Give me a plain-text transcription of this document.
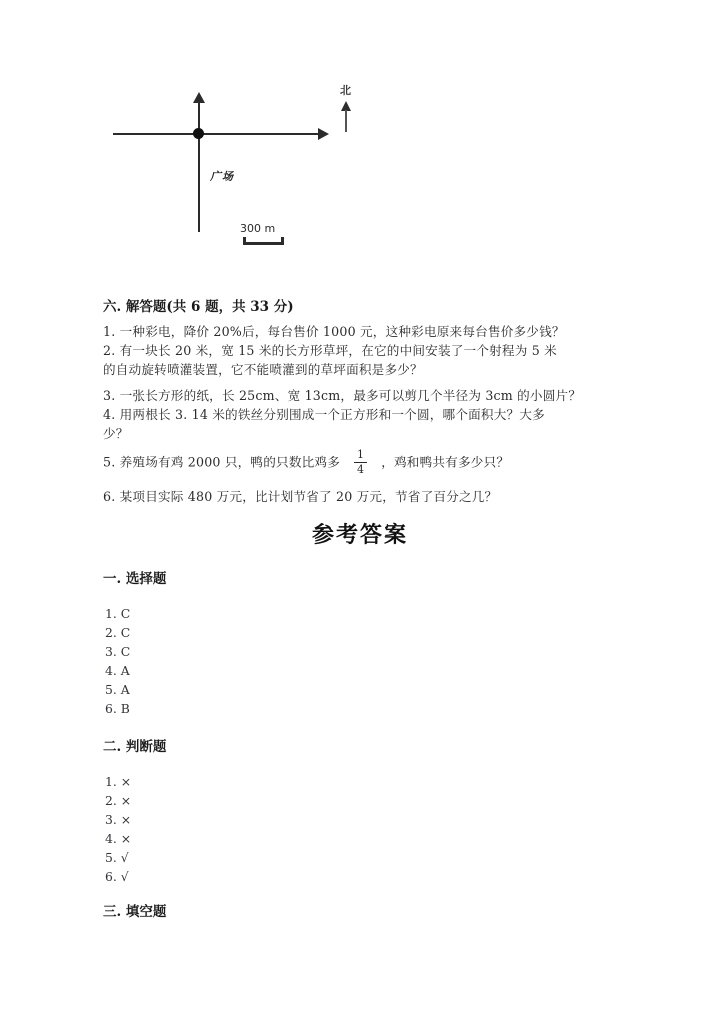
广场
北
300 m
六. 解答题(共 6 题，共 33 分)
1. 一种彩电，降价 20%后，每台售价 1000 元，这种彩电原来每台售价多少钱？
2. 有一块长 20 米，宽 15 米的长方形草坪，在它的中间安装了一个射程为 5 米
的自动旋转喷灌装置，它不能喷灌到的草坪面积是多少？
3. 一张长方形的纸，长 25cm、宽 13cm，最多可以剪几个半径为 3cm 的小圆片？
4. 用两根长 3. 14 米的铁丝分别围成一个正方形和一个圆，哪个面积大？大多
少？
5. 养殖场有鸡 2000 只，鸭的只数比鸡多 $\frac{1}{4}$ ，鸡和鸭共有多少只？
6. 某项目实际 480 万元，比计划节省了 20 万元，节省了百分之几？
参考答案
一. 选择题
1. C
2. C
3. C
4. A
5. A
6. B
二. 判断题
1. ×
2. ×
3. ×
4. ×
5. √
6. √
三. 填空题
